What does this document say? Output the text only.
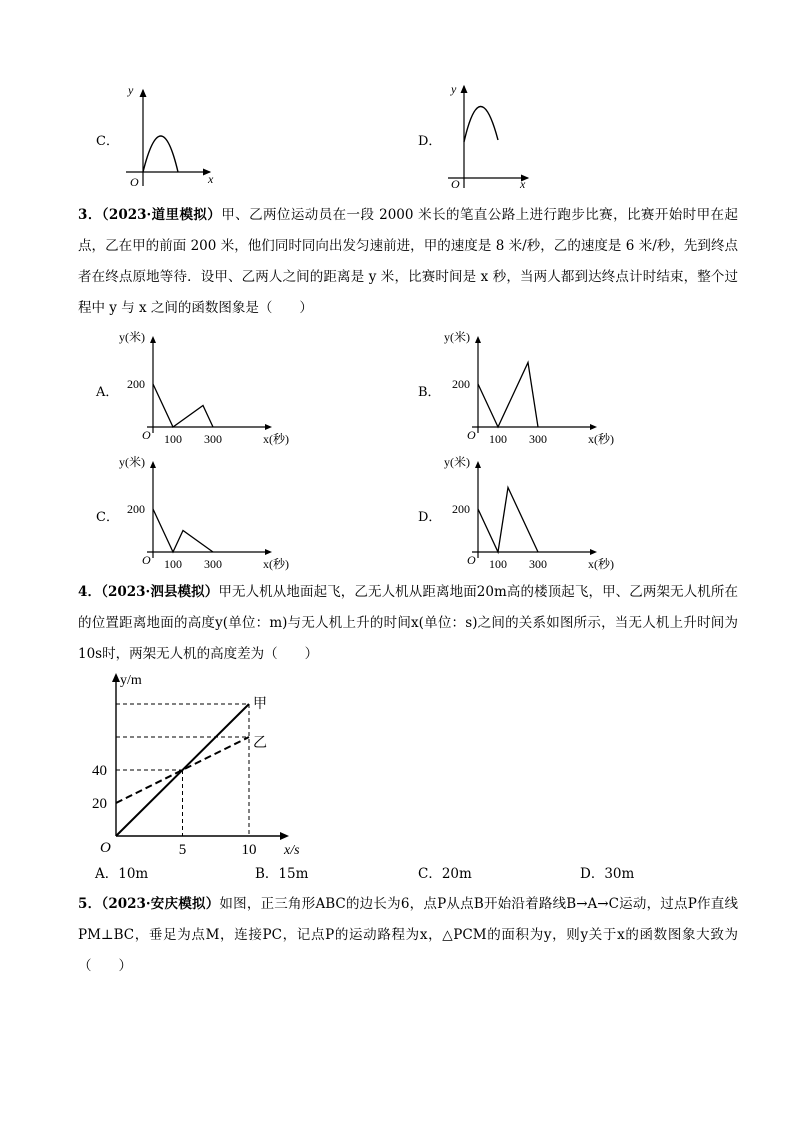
C．
y
x
O
D．
y
x
O
3．（2023·道里模拟）甲、乙两位运动员在一段 2000 米长的笔直公路上进行跑步比赛，比赛开始时甲在起点，乙在甲的前面 200 米，他们同时同向出发匀速前进，甲的速度是 8 米/秒，乙的速度是 6 米/秒，先到终点者在终点原地等待．设甲、乙两人之间的距离是 y 米，比赛时间是 x 秒，当两人都到达终点计时结束，整个过程中 y 与 x 之间的函数图象是（　　）
A．
y(米)
200
O 100 300	x(秒)
B．
y(米)
200
O 100 300	x(秒)
C．
y(米)
200
O 100 300	x(秒)
D．
y(米)
200
O 100 300	x(秒)
4．（2023·泗县模拟）甲无人机从地面起飞，乙无人机从距离地面20m高的楼顶起飞，甲、乙两架无人机所在的位置距离地面的高度y(单位：m)与无人机上升的时间x(单位：s)之间的关系如图所示，当无人机上升时间为10s时，两架无人机的高度差为（　　）
y/m
x/s
O
20
40
5	10
甲
乙
A．10m	B．15m	C．20m	D．30m
5．（2023·安庆模拟）如图，正三角形ABC的边长为6，点P从点B开始沿着路线B→A→C运动，过点P作直线PM⊥BC，垂足为点M，连接PC，记点P的运动路程为x，△PCM的面积为y，则y关于x的函数图象大致为（　　）
